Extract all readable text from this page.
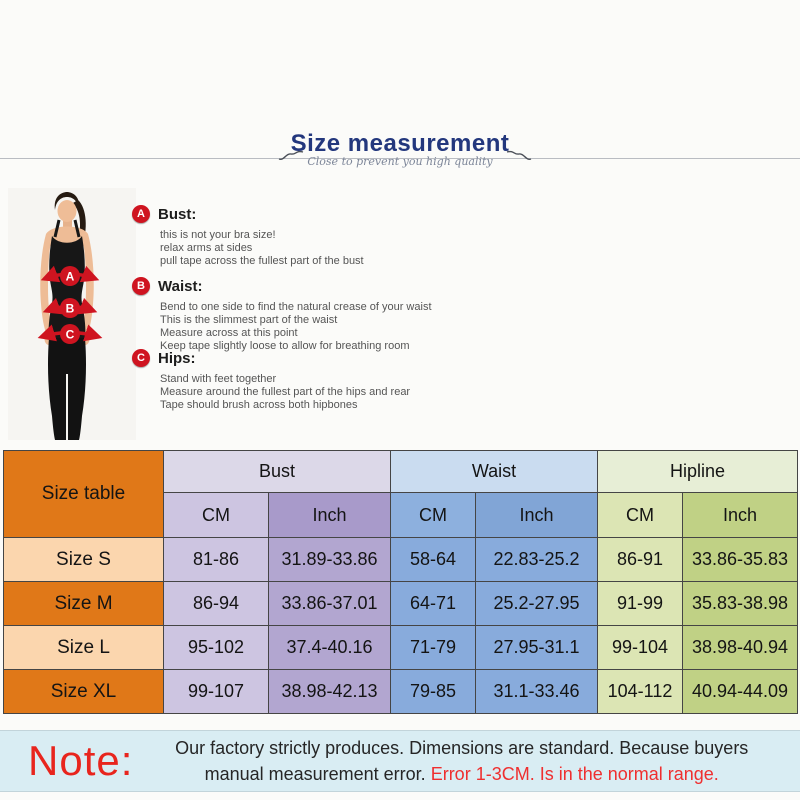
Size measurement
Close to prevent you high quality
A
B
C
A Bust:
this is not your bra size!
relax arms at sides
pull tape across the fullest part of the bust
B Waist:
Bend to one side to find the natural crease of your waist
This is the slimmest part of the waist
Measure across at this point
Keep tape slightly loose to allow for breathing room
C Hips:
Stand with feet together
Measure around the fullest part of the hips and rear
Tape should brush across both hipbones
Size table	Bust		Waist		Hipline	
	CM	Inch	CM	Inch	CM	Inch
Size S	81-86	31.89-33.86	58-64	22.83-25.2	86-91	33.86-35.83
Size M	86-94	33.86-37.01	64-71	25.2-27.95	91-99	35.83-38.98
Size L	95-102	37.4-40.16	71-79	27.95-31.1	99-104	38.98-40.94
Size XL	99-107	38.98-42.13	79-85	31.1-33.46	104-112	40.94-44.09
Note:	Our factory strictly produces. Dimensions are standard. Because buyers
manual measurement error. Error 1-3CM. Is in the normal range.
